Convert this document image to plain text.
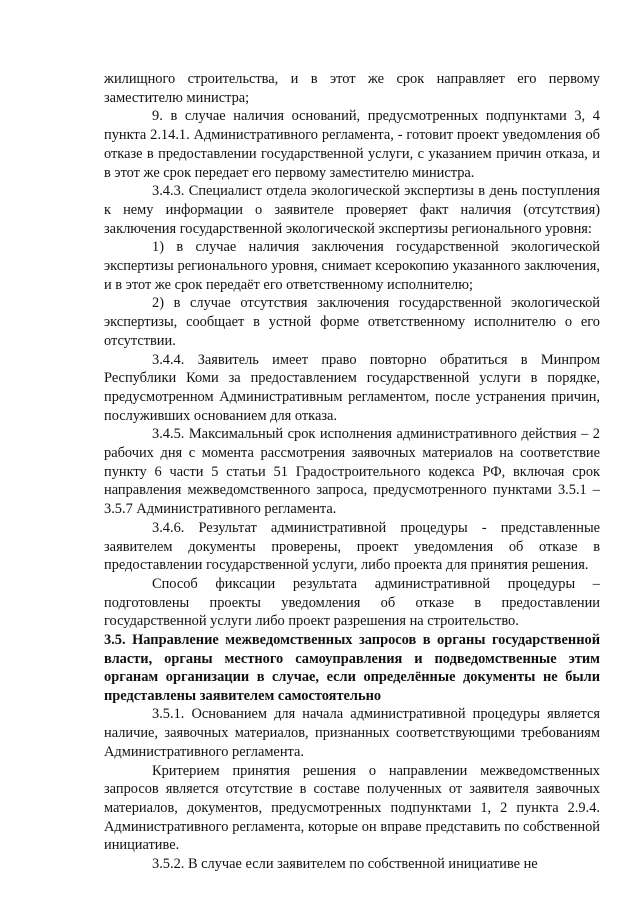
жилищного строительства, и в этот же срок направляет его первому заместителю министра;

9. в случае наличия оснований, предусмотренных подпунктами 3, 4 пункта 2.14.1. Административного регламента, - готовит проект уведомления об отказе в предоставлении государственной услуги, с указанием причин отказа, и в этот же срок передает его первому заместителю министра.

3.4.3. Специалист отдела экологической экспертизы в день поступления к нему информации о заявителе проверяет факт наличия (отсутствия) заключения государственной экологической экспертизы регионального уровня:

1) в случае наличия заключения государственной экологической экспертизы регионального уровня, снимает ксерокопию указанного заключения, и в этот же срок передаёт его ответственному исполнителю;

2) в случае отсутствия заключения государственной экологической экспертизы, сообщает в устной форме ответственному исполнителю о его отсутствии.

3.4.4. Заявитель имеет право повторно обратиться в Минпром Республики Коми за предоставлением государственной услуги в порядке, предусмотренном Административным регламентом, после устранения причин, послуживших основанием для отказа.

3.4.5. Максимальный срок исполнения административного действия – 2 рабочих дня с момента рассмотрения заявочных материалов на соответствие пункту 6 части 5 статьи 51 Градостроительного кодекса РФ, включая срок направления межведомственного запроса, предусмотренного пунктами 3.5.1 – 3.5.7 Административного регламента.

3.4.6. Результат административной процедуры - представленные заявителем документы проверены, проект уведомления об отказе в предоставлении государственной услуги, либо проекта для принятия решения.

Способ фиксации результата административной процедуры – подготовлены проекты уведомления об отказе в предоставлении государственной услуги либо проект разрешения на строительство.

3.5. Направление межведомственных запросов в органы государственной власти, органы местного самоуправления и подведомственные этим органам организации в случае, если определённые документы не были представлены заявителем самостоятельно

3.5.1. Основанием для начала административной процедуры является наличие, заявочных материалов, признанных соответствующими требованиям Административного регламента.

Критерием принятия решения о направлении межведомственных запросов является отсутствие в составе полученных от заявителя заявочных материалов, документов, предусмотренных подпунктами 1, 2 пункта 2.9.4. Административного регламента, которые он вправе представить по собственной инициативе.

3.5.2. В случае если заявителем по собственной инициативе не
